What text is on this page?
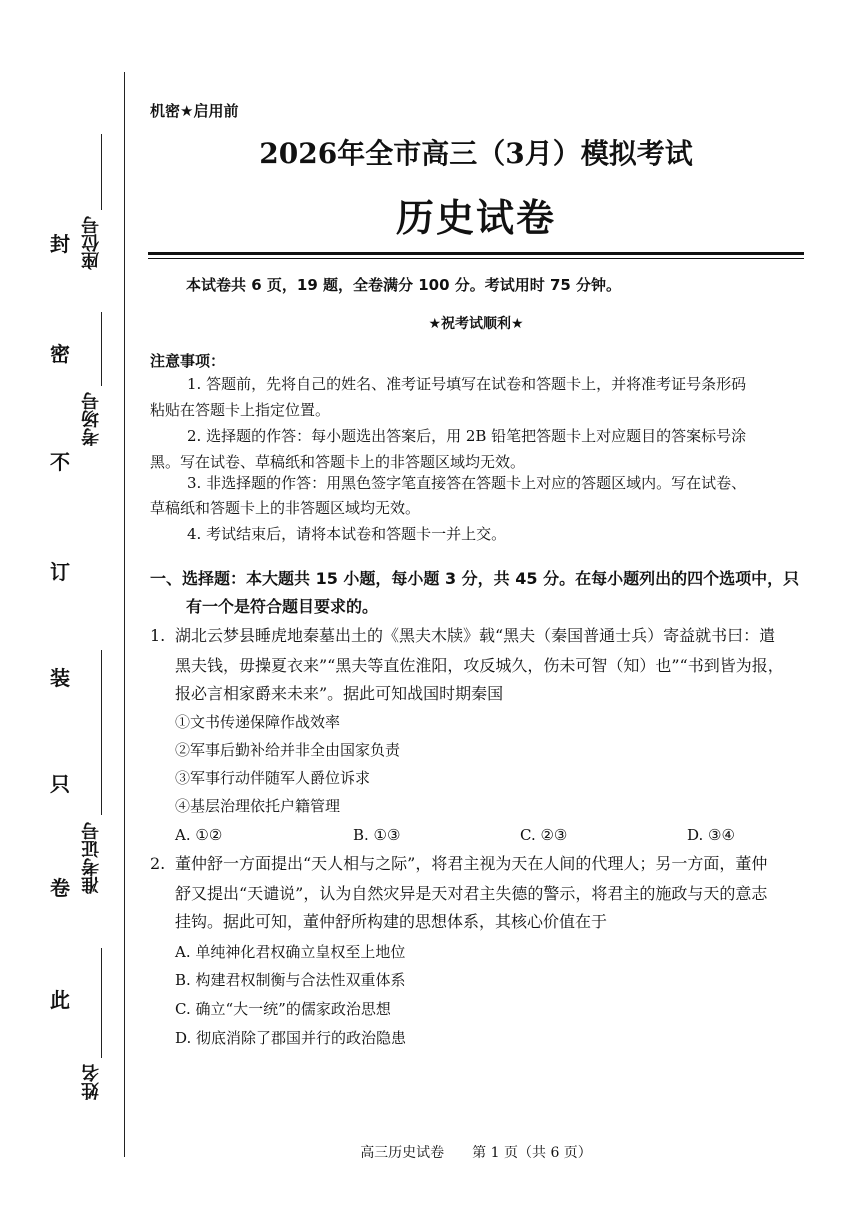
此
卷
只
装
订
不
密
封
姓名
准考证号
考场号
座位号
机密★启用前
2026年全市高三（3月）模拟考试
历史试卷
本试卷共 6 页，19 题，全卷满分 100 分。考试用时 75 分钟。
★祝考试顺利★
注意事项：
1. 答题前，先将自己的姓名、准考证号填写在试卷和答题卡上，并将准考证号条形码
粘贴在答题卡上指定位置。
2. 选择题的作答：每小题选出答案后，用 2B 铅笔把答题卡上对应题目的答案标号涂
黑。写在试卷、草稿纸和答题卡上的非答题区域均无效。
3. 非选择题的作答：用黑色签字笔直接答在答题卡上对应的答题区域内。写在试卷、
草稿纸和答题卡上的非答题区域均无效。
4. 考试结束后，请将本试卷和答题卡一并上交。
一、选择题：本大题共 15 小题，每小题 3 分，共 45 分。在每小题列出的四个选项中，只
有一个是符合题目要求的。
1. 湖北云梦县睡虎地秦墓出土的《黑夫木牍》载“黑夫（秦国普通士兵）寄益就书曰：遣
黑夫钱，毋操夏衣来”“黑夫等直佐淮阳，攻反城久，伤未可智（知）也”“书到皆为报，
报必言相家爵来未来”。据此可知战国时期秦国
①文书传递保障作战效率
②军事后勤补给并非全由国家负责
③军事行动伴随军人爵位诉求
④基层治理依托户籍管理
A. ①②	B. ①③	C. ②③	D. ③④
2. 董仲舒一方面提出“天人相与之际”，将君主视为天在人间的代理人；另一方面，董仲
舒又提出“天谴说”，认为自然灾异是天对君主失德的警示，将君主的施政与天的意志
挂钩。据此可知，董仲舒所构建的思想体系，其核心价值在于
A. 单纯神化君权确立皇权至上地位
B. 构建君权制衡与合法性双重体系
C. 确立“大一统”的儒家政治思想
D. 彻底消除了郡国并行的政治隐患
高三历史试卷　　第 1 页（共 6 页）
